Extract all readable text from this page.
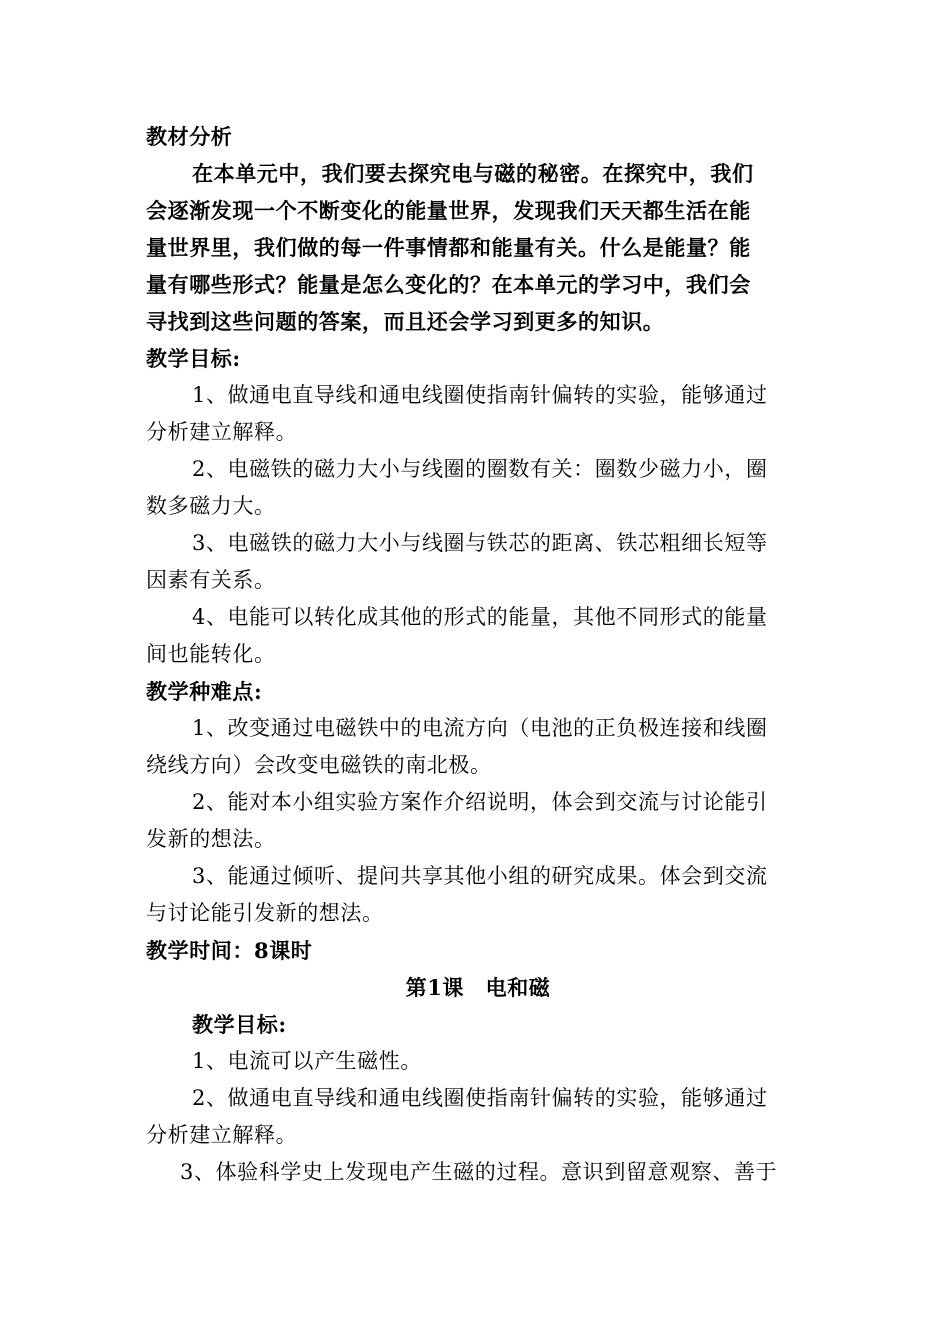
教材分析
在本单元中，我们要去探究电与磁的秘密。在探究中，我们
会逐渐发现一个不断变化的能量世界，发现我们天天都生活在能
量世界里，我们做的每一件事情都和能量有关。什么是能量？能
量有哪些形式？能量是怎么变化的？在本单元的学习中，我们会
寻找到这些问题的答案，而且还会学习到更多的知识。
教学目标:
1、做通电直导线和通电线圈使指南针偏转的实验，能够通过
分析建立解释。
2、电磁铁的磁力大小与线圈的圈数有关：圈数少磁力小，圈
数多磁力大。
3、电磁铁的磁力大小与线圈与铁芯的距离、铁芯粗细长短等
因素有关系。
4、电能可以转化成其他的形式的能量，其他不同形式的能量
间也能转化。
教学种难点:
1、改变通过电磁铁中的电流方向（电池的正负极连接和线圈
绕线方向）会改变电磁铁的南北极。
2、能对本小组实验方案作介绍说明，体会到交流与讨论能引
发新的想法。
3、能通过倾听、提问共享其他小组的研究成果。体会到交流
与讨论能引发新的想法。
教学时间：8课时
第1课　电和磁
教学目标:
1、电流可以产生磁性。
2、做通电直导线和通电线圈使指南针偏转的实验，能够通过
分析建立解释。
3、体验科学史上发现电产生磁的过程。意识到留意观察、善于
